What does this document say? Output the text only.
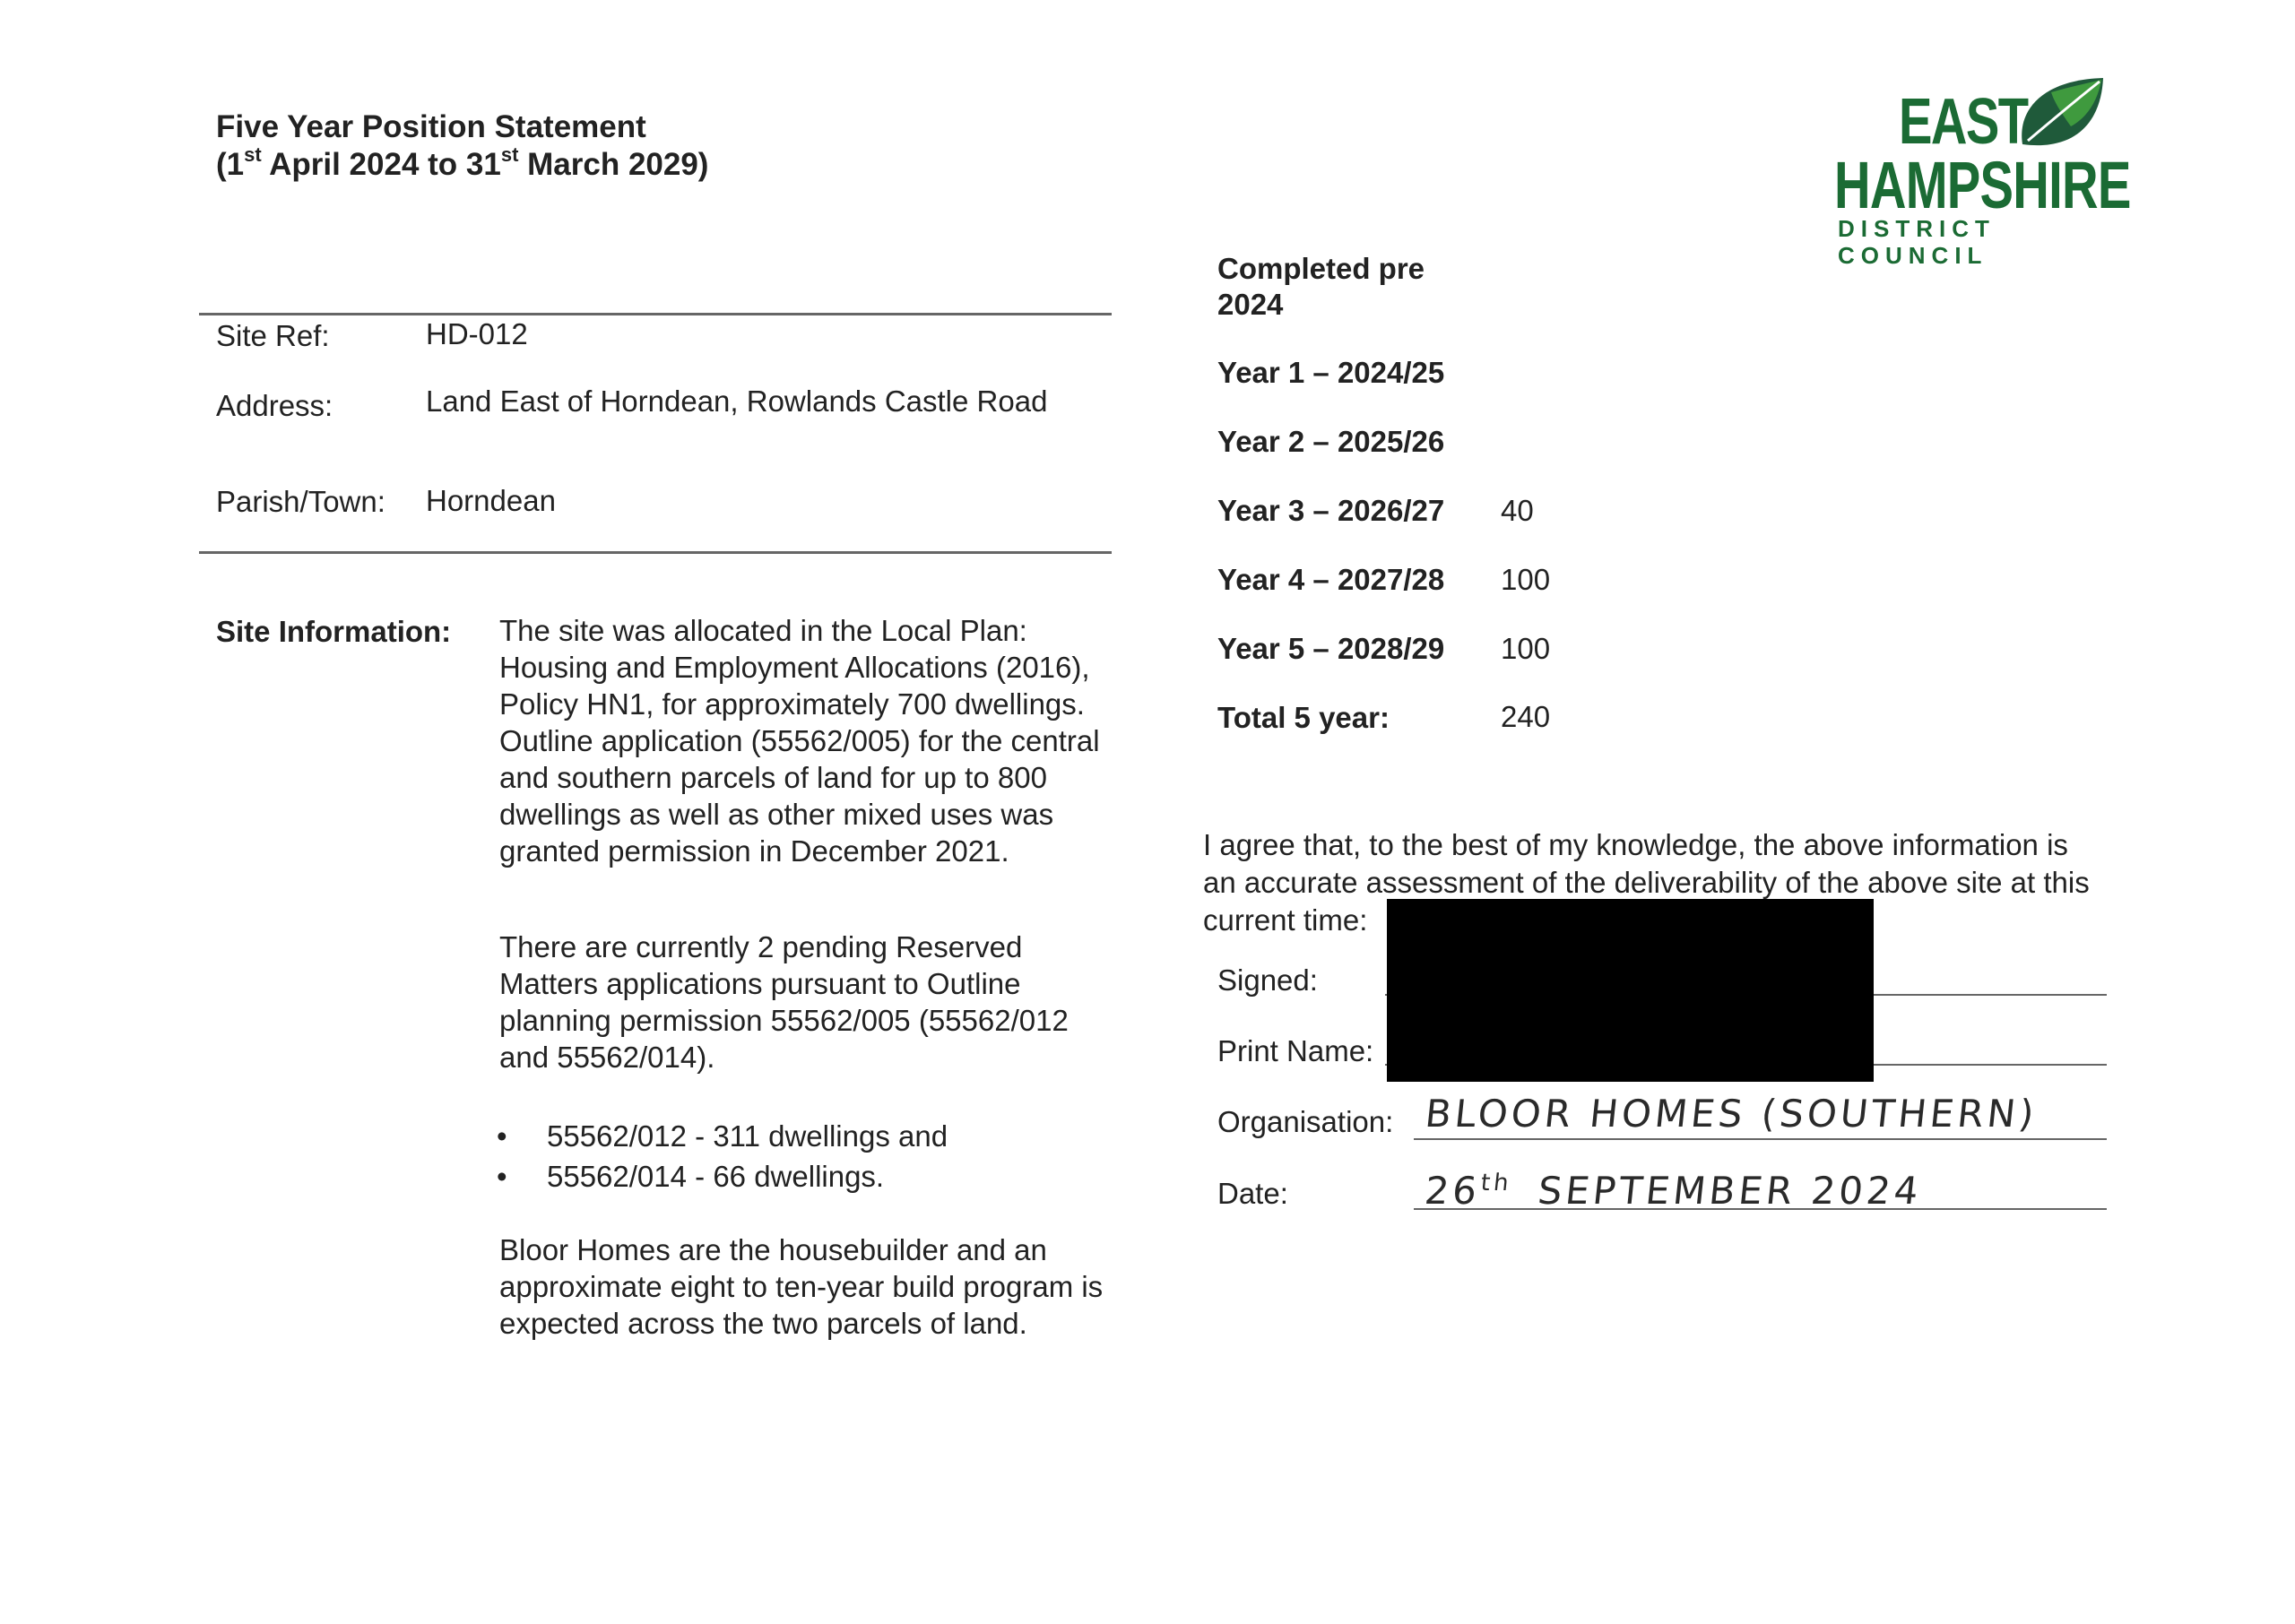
Five Year Position Statement
(1st April 2024 to 31st March 2029)
EAST
HAMPSHIRE
DISTRICT COUNCIL
Site Ref:	HD-012
Address:	Land East of Horndean, Rowlands Castle Road
Parish/Town: Horndean
Site Information: The site was allocated in the Local Plan: Housing and Employment Allocations (2016), Policy HN1, for approximately 700 dwellings. Outline application (55562/005) for the central and southern parcels of land for up to 800 dwellings as well as other mixed uses was granted permission in December 2021.
There are currently 2 pending Reserved Matters applications pursuant to Outline planning permission 55562/005 (55562/012 and 55562/014).
• 55562/012 - 311 dwellings and
• 55562/014 - 66 dwellings.
Bloor Homes are the housebuilder and an approximate eight to ten-year build program is expected across the two parcels of land.
Completed pre
2024
Year 1 – 2024/25
Year 2 – 2025/26
Year 3 – 2026/27 40
Year 4 – 2027/28 100
Year 5 – 2028/29 100
Total 5 year:	240
I agree that, to the best of my knowledge, the above information is
an accurate assessment of the deliverability of the above site at this
current time:
Signed:
Print Name:
Organisation: BLOOR HOMES (SOUTHERN)
Date:	26th SEPTEMBER 2024
